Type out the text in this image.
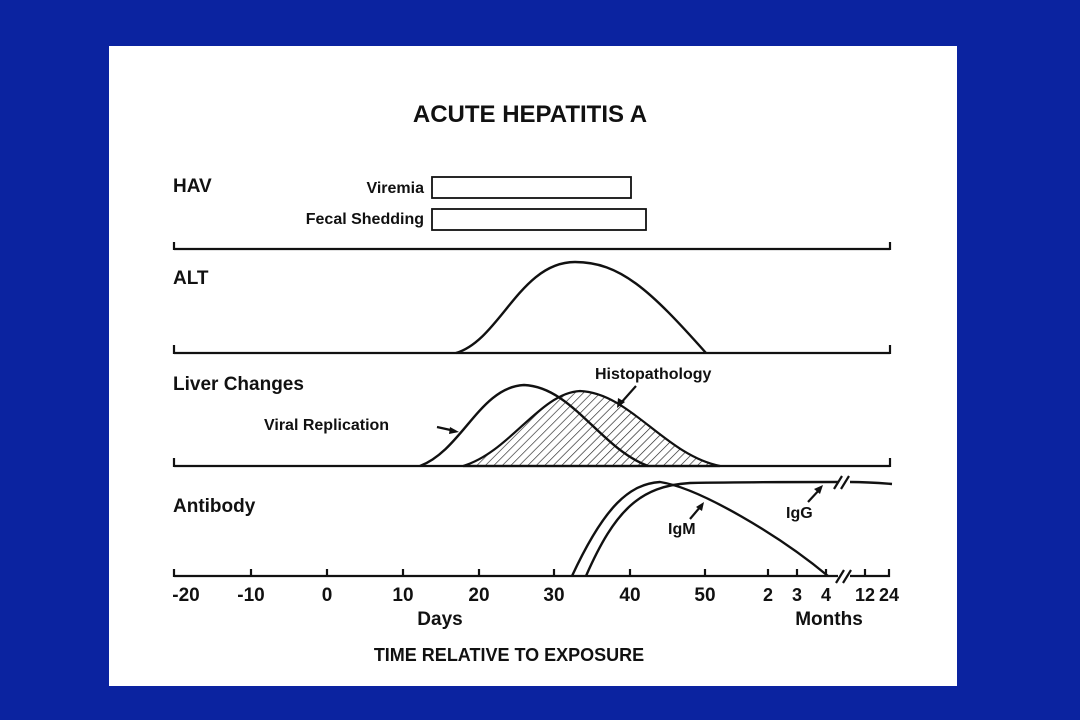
ACUTE HEPATITIS A
HAV	Viremia
Fecal Shedding
ALT
Liver Changes	Histopathology
Viral Replication
Antibody
IgM
IgG
-20 -10	0	10	20	30	40	50	2 3 4 12 24
Days	Months
TIME RELATIVE TO EXPOSURE
